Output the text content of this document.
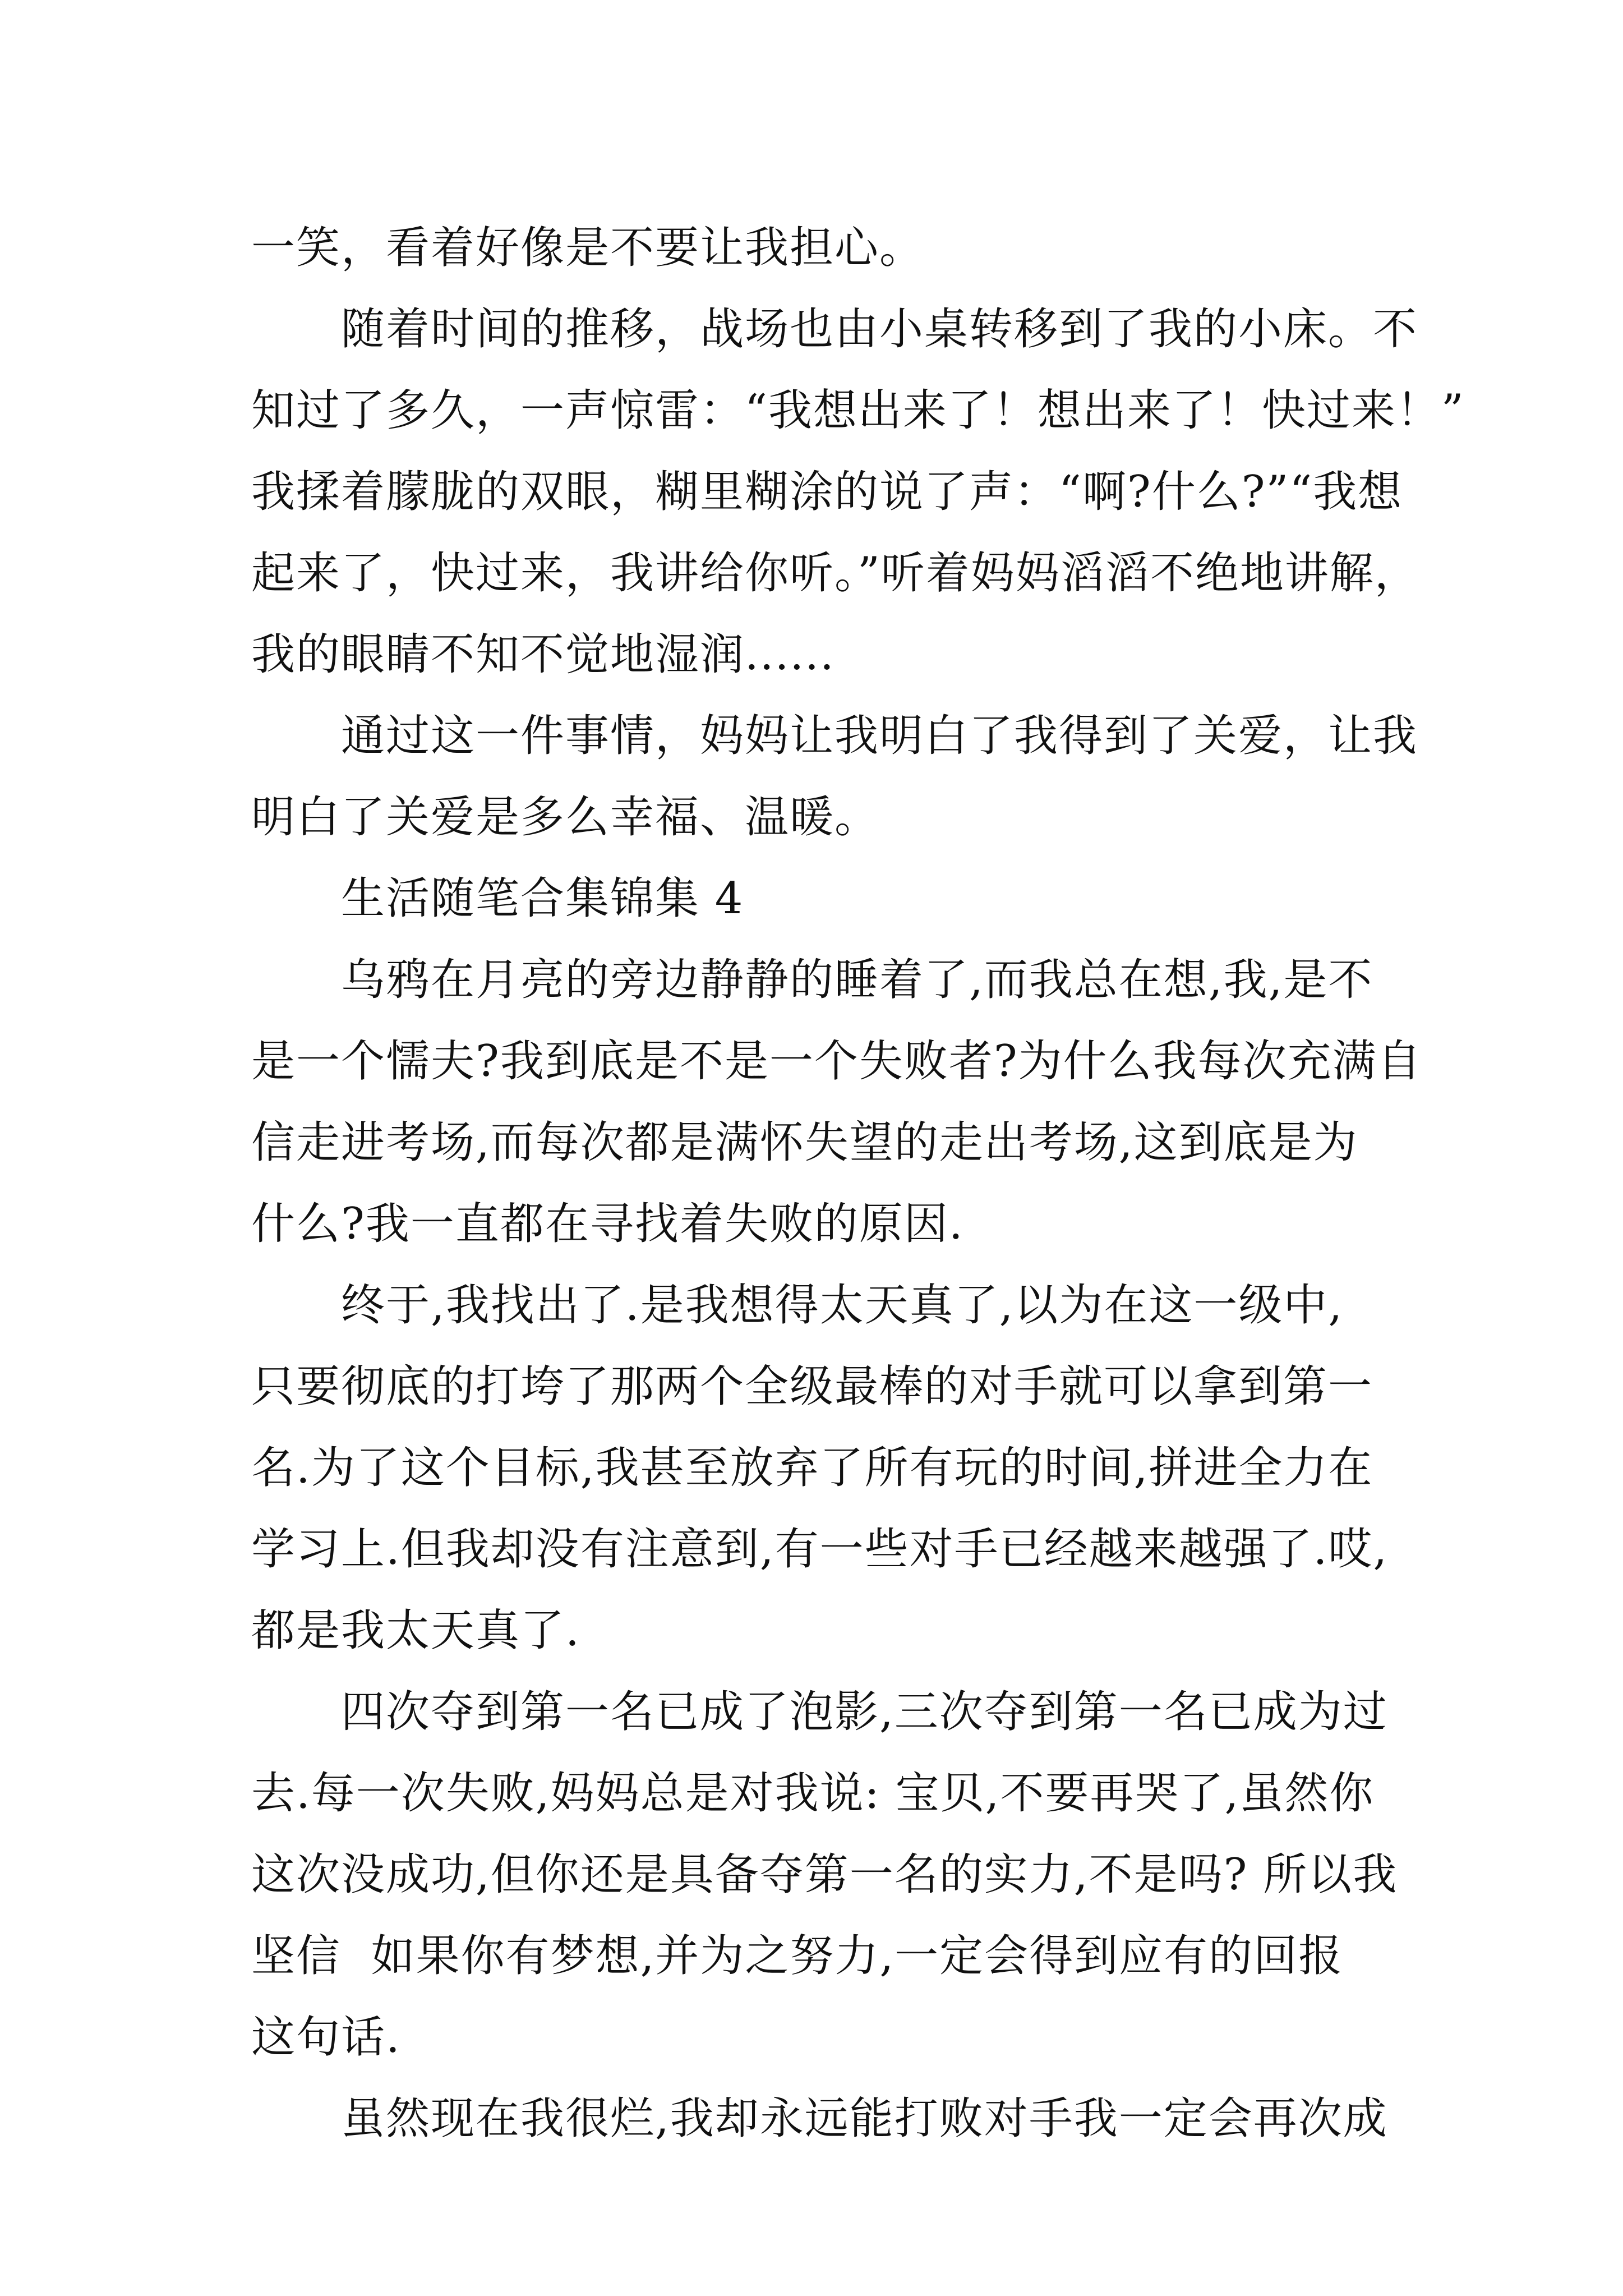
一笑，看着好像是不要让我担心。
　　随着时间的推移，战场也由小桌转移到了我的小床。不
知过了多久，一声惊雷：“我想出来了！想出来了！快过来！”
我揉着朦胧的双眼，糊里糊涂的说了声：“啊?什么?”“我想
起来了，快过来，我讲给你听。”听着妈妈滔滔不绝地讲解，
我的眼睛不知不觉地湿润......
　　通过这一件事情，妈妈让我明白了我得到了关爱，让我
明白了关爱是多么幸福、温暖。
　　生活随笔合集锦集 4
　　乌鸦在月亮的旁边静静的睡着了,而我总在想,我,是不
是一个懦夫?我到底是不是一个失败者?为什么我每次充满自
信走进考场,而每次都是满怀失望的走出考场,这到底是为
什么?我一直都在寻找着失败的原因.
　　终于,我找出了.是我想得太天真了,以为在这一级中,
只要彻底的打垮了那两个全级最棒的对手就可以拿到第一
名.为了这个目标,我甚至放弃了所有玩的时间,拼进全力在
学习上.但我却没有注意到,有一些对手已经越来越强了.哎,
都是我太天真了.
　　四次夺到第一名已成了泡影,三次夺到第一名已成为过
去.每一次失败,妈妈总是对我说: 宝贝,不要再哭了,虽然你
这次没成功,但你还是具备夺第一名的实力,不是吗? 所以我
坚信  如果你有梦想,并为之努力,一定会得到应有的回报
这句话.
　　虽然现在我很烂,我却永远能打败对手我一定会再次成
